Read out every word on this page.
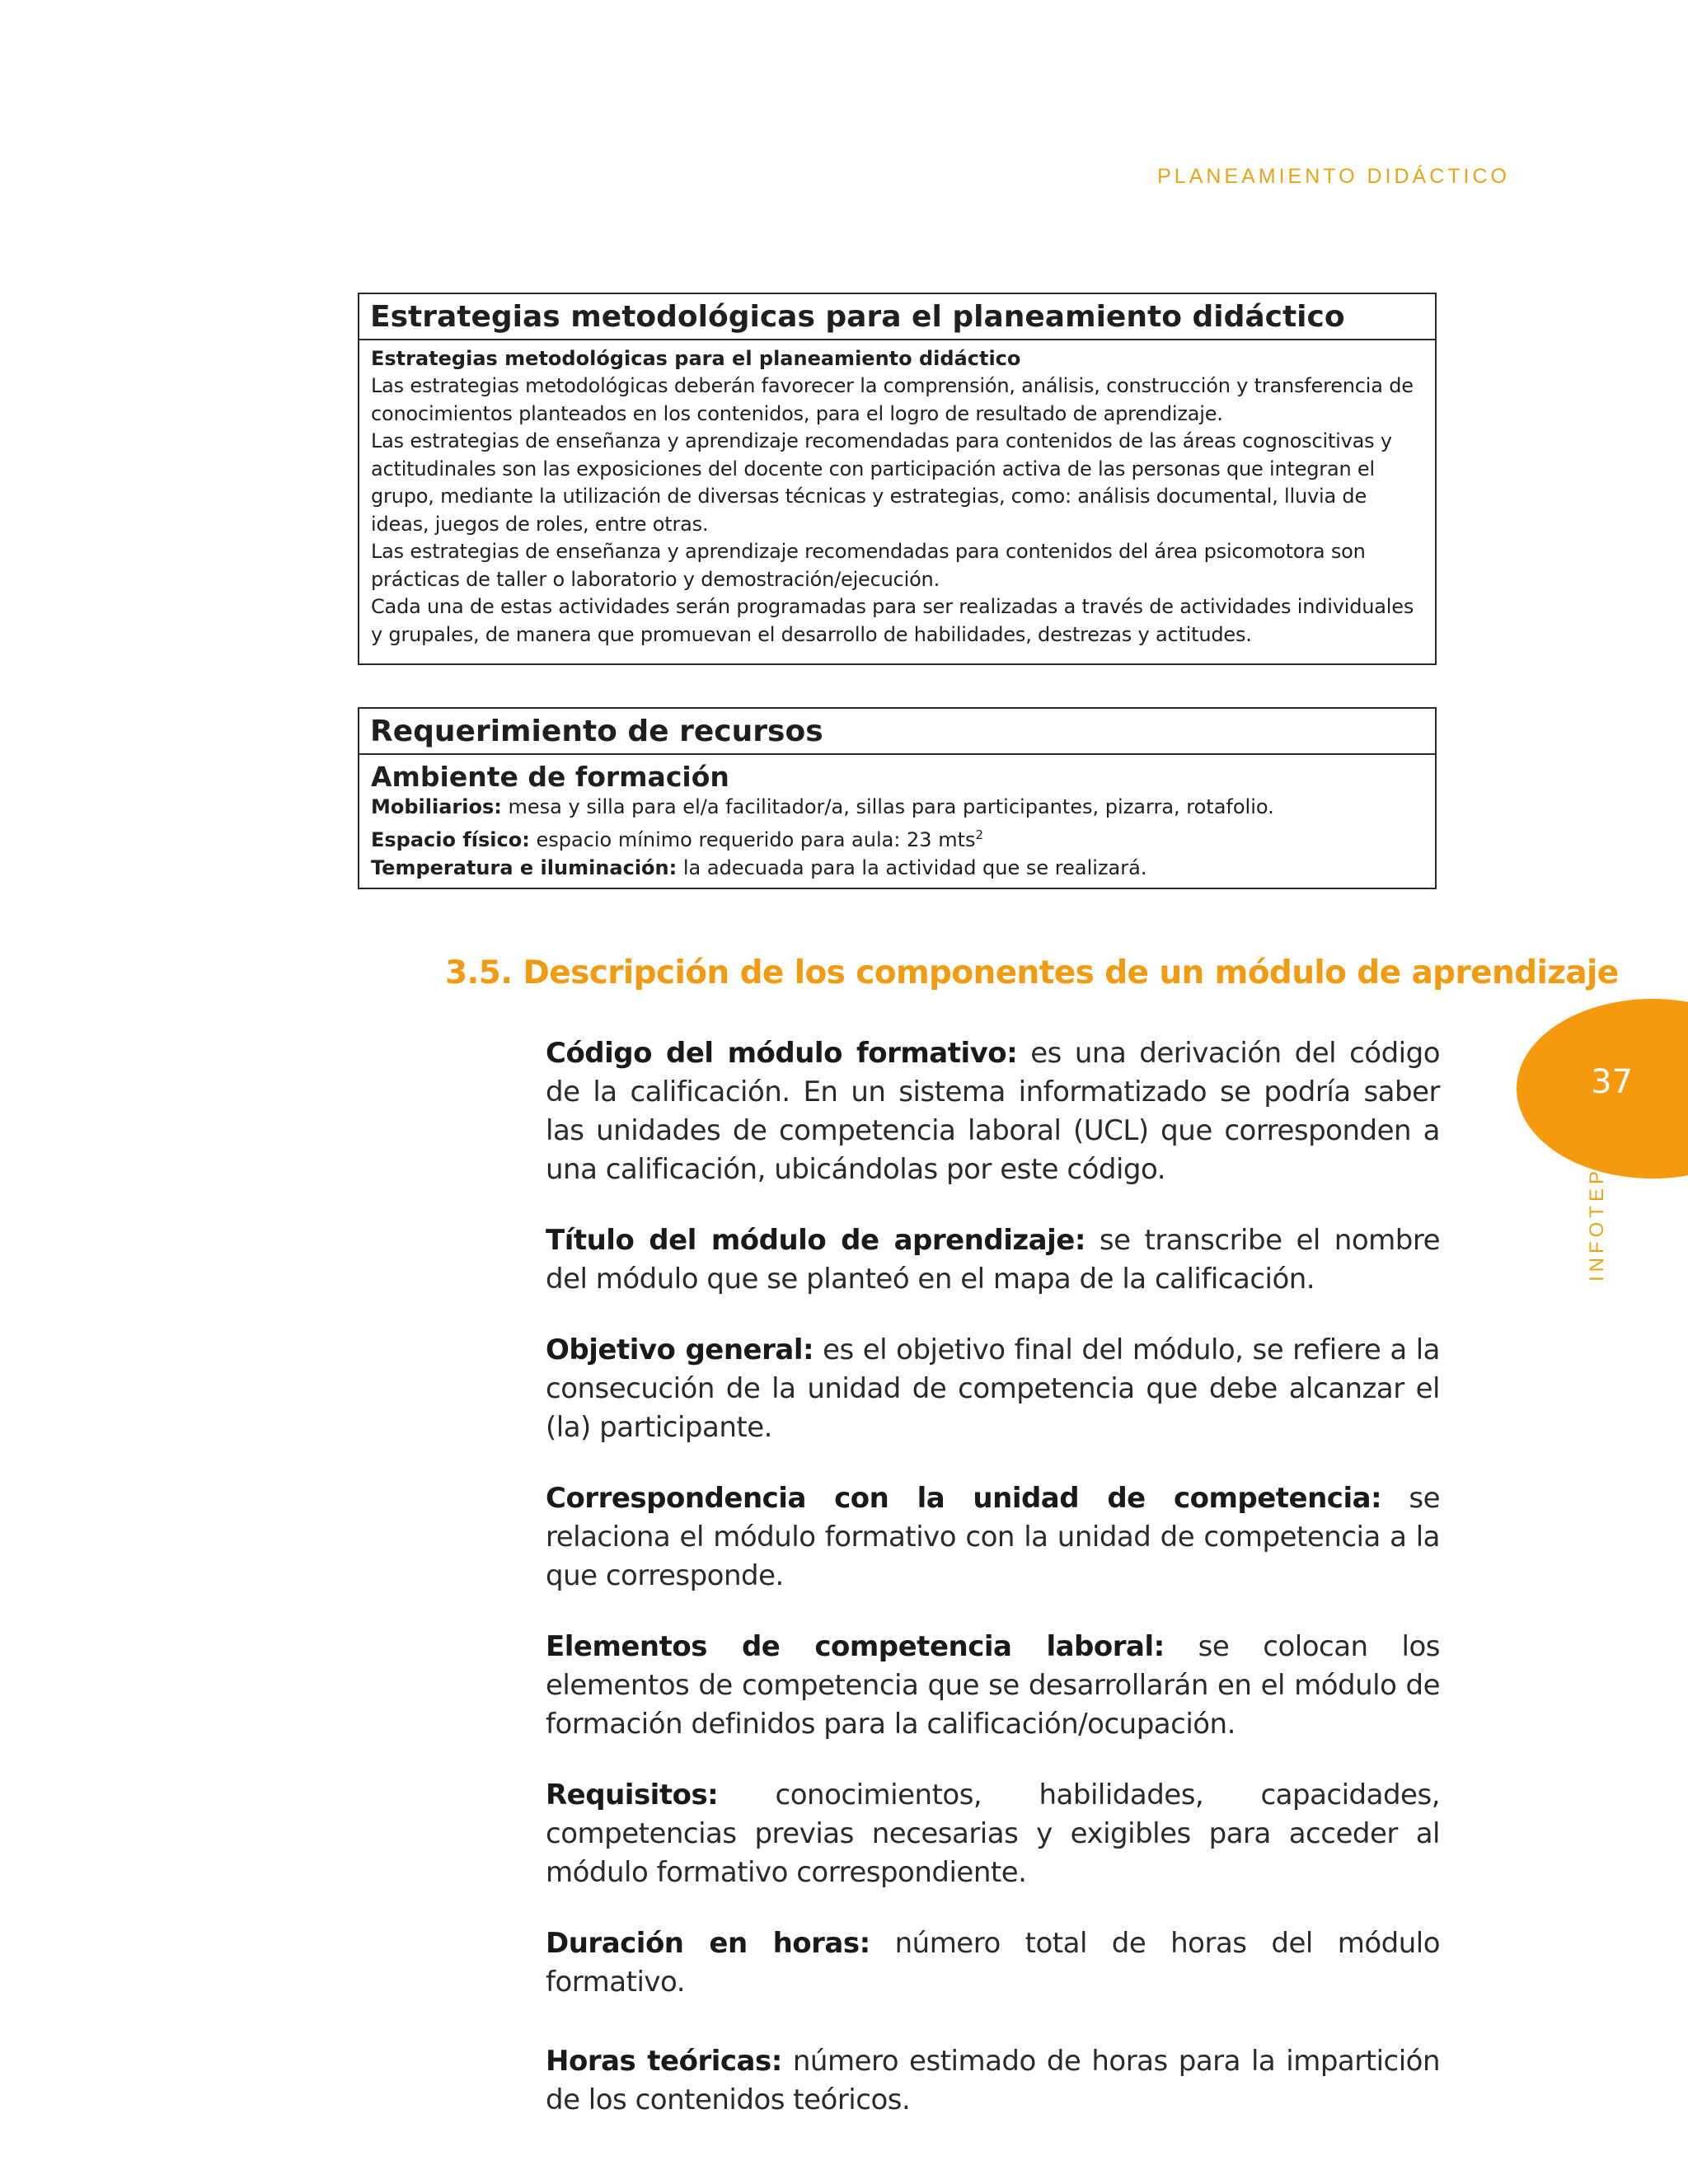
PLANEAMIENTO DIDÁCTICO
Estrategias metodológicas para el planeamiento didáctico
Estrategias metodológicas para el planeamiento didáctico

Las estrategias metodológicas deberán favorecer la comprensión, análisis, construcción y transferencia de conocimientos planteados en los contenidos, para el logro de resultado de aprendizaje.

Las estrategias de enseñanza y aprendizaje recomendadas para contenidos de las áreas cognoscitivas y actitudinales son las exposiciones del docente con participación activa de las personas que integran el grupo, mediante la utilización de diversas técnicas y estrategias, como: análisis documental, lluvia de ideas, juegos de roles, entre otras.

Las estrategias de enseñanza y aprendizaje recomendadas para contenidos del área psicomotora son prácticas de taller o laboratorio y demostración/ejecución.

Cada una de estas actividades serán programadas para ser realizadas a través de actividades individuales y grupales, de manera que promuevan el desarrollo de habilidades, destrezas y actitudes.

Requerimiento de recursos
Ambiente de formación
Mobiliarios: mesa y silla para el/a facilitador/a, sillas para participantes, pizarra, rotafolio.
Espacio físico: espacio mínimo requerido para aula: 23 mts$^2$
Temperatura e iluminación: la adecuada para la actividad que se realizará.
3.5. Descripción de los componentes de un módulo de aprendizaje

Código del módulo formativo: es una derivación del código de la calificación. En un sistema informatizado se podría saber las unidades de competencia laboral (UCL) que corresponden a una calificación, ubicándolas por este código.

Título del módulo de aprendizaje: se transcribe el nombre del módulo que se planteó en el mapa de la calificación.

Objetivo general: es el objetivo final del módulo, se refiere a la consecución de la unidad de competencia que debe alcanzar el (la) participante.

Correspondencia con la unidad de competencia: se relaciona el módulo formativo con la unidad de competencia a la que corresponde.

Elementos de competencia laboral: se colocan los elementos de competencia que se desarrollarán en el módulo de formación definidos para la calificación/ocupación.

Requisitos: conocimientos, habilidades, capacidades, competencias previas necesarias y exigibles para acceder al módulo formativo correspondiente.

Duración en horas: número total de horas del módulo formativo.

Horas teóricas: número estimado de horas para la impartición de los contenidos teóricos.

37
INFOTEP
